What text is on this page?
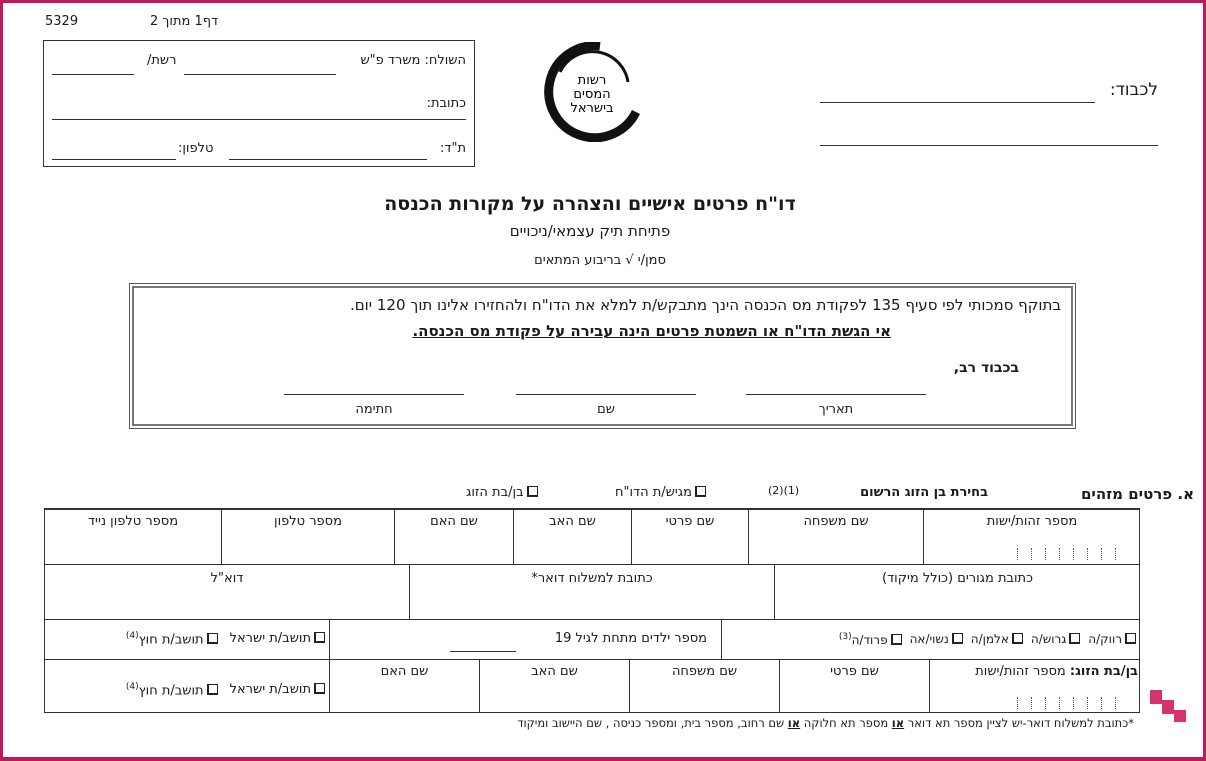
5329	דף1 מתוך 2
השולח: משרד פ"ש
רשת/
כתובת:
ת"ד:
טלפון:
רשות
המסים
בישראל
לכבוד:
דו"ח פרטים אישיים והצהרה על מקורות הכנסה
פתיחת תיק עצמאי/ניכויים
סמן/י √ בריבוע המתאים
בתוקף סמכותי לפי סעיף 135 לפקודת מס הכנסה הינך מתבקש/ת למלא את הדו"ח ולהחזירו אלינו תוך 120 יום.
אי הגשת הדו"ח או השמטת פרטים הינה עבירה על פקודת מס הכנסה.
בכבוד רב,
תאריך
שם
חתימה
א. פרטים מזהים
בחירת בן הזוג הרשום
(1)(2)
מגיש/ת הדו"ח
בן/בת הזוג
מספר זהות/ישות
שם משפחה
שם פרטי
שם האב
שם האם
מספר טלפון
מספר טלפון נייד
כתובת מגורים (כולל מיקוד)
כתובת למשלוח דואר*
דוא"ל
רווק/ה
גרוש/ה
אלמן/ה
נשוי/אה
פרוד/ה$^{(3)}$
מספר ילדים מתחת לגיל 19
תושב/ת ישראל
תושב/ת חוץ$^{(4)}$
בן/בת הזוג: מספר זהות/ישות
שם פרטי
שם משפחה
שם האב
שם האם
תושב/ת ישראל
תושב/ת חוץ$^{(4)}$
*כתובת למשלוח דואר-יש לציין מספר תא דואר או מספר תא חלוקה או שם רחוב, מספר בית, ומספר כניסה , שם היישוב ומיקוד
